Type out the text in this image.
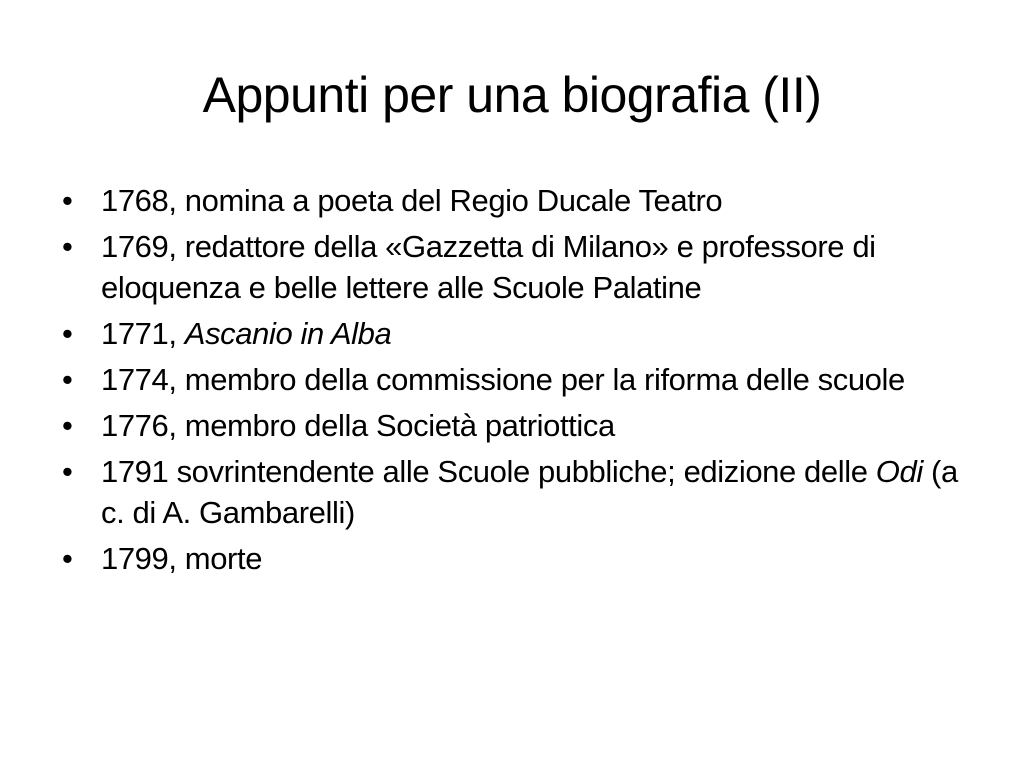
Appunti per una biografia (II)
• 1768, nomina a poeta del Regio Ducale Teatro
• 1769, redattore della «Gazzetta di Milano» e professore di eloquenza e belle lettere alle Scuole Palatine
• 1771, Ascanio in Alba
• 1774, membro della commissione per la riforma delle scuole
• 1776, membro della Società patriottica
• 1791 sovrintendente alle Scuole pubbliche; edizione delle Odi (a c. di A. Gambarelli)
• 1799, morte
